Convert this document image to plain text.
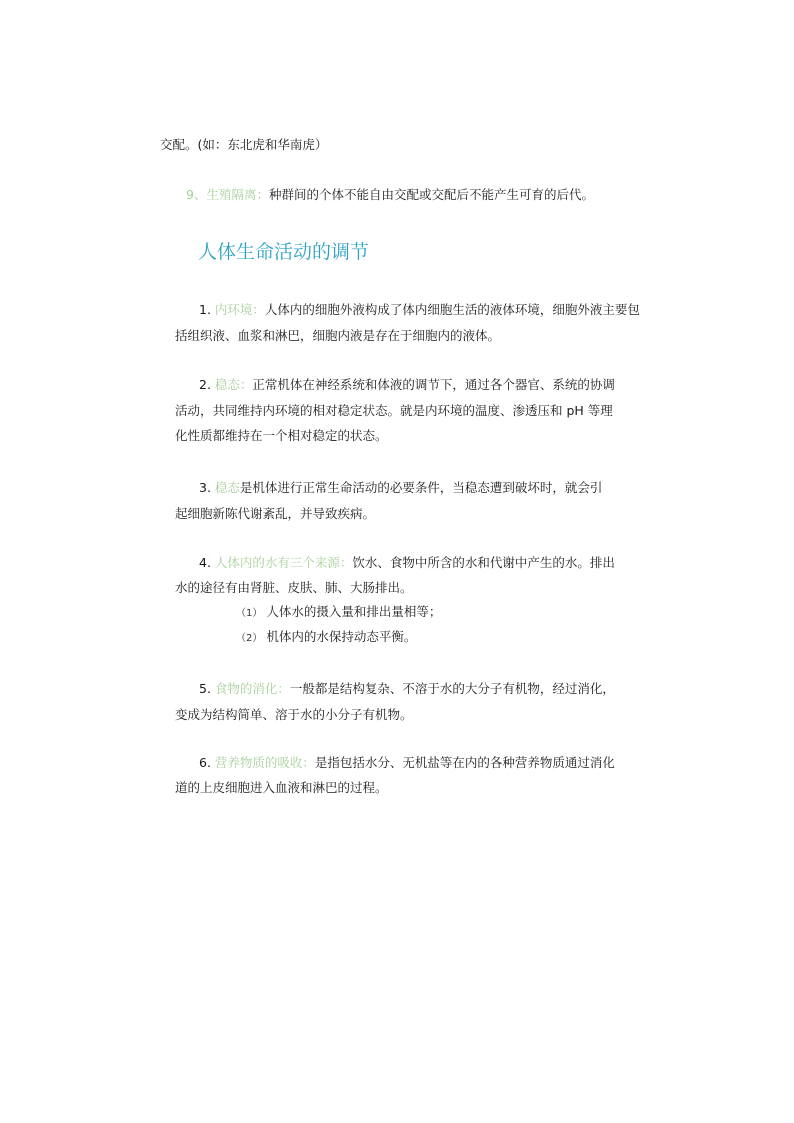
交配。(如：东北虎和华南虎）
9、生殖隔离：种群间的个体不能自由交配或交配后不能产生可育的后代。
人体生命活动的调节
1. 内环境：人体内的细胞外液构成了体内细胞生活的液体环境，细胞外液主要包
括组织液、血浆和淋巴，细胞内液是存在于细胞内的液体。
2. 稳态：正常机体在神经系统和体液的调节下，通过各个器官、系统的协调
活动，共同维持内环境的相对稳定状态。就是内环境的温度、渗透压和 pH 等理
化性质都维持在一个相对稳定的状态。
3. 稳态是机体进行正常生命活动的必要条件，当稳态遭到破坏时，就会引
起细胞新陈代谢紊乱，并导致疾病。
4. 人体内的水有三个来源：饮水、食物中所含的水和代谢中产生的水。排出
水的途径有由肾脏、皮肤、肺、大肠排出。
（1） 人体水的摄入量和排出量相等；
（2） 机体内的水保持动态平衡。
5. 食物的消化：一般都是结构复杂、不溶于水的大分子有机物，经过消化，
变成为结构简单、溶于水的小分子有机物。
6. 营养物质的吸收：是指包括水分、无机盐等在内的各种营养物质通过消化
道的上皮细胞进入血液和淋巴的过程。
